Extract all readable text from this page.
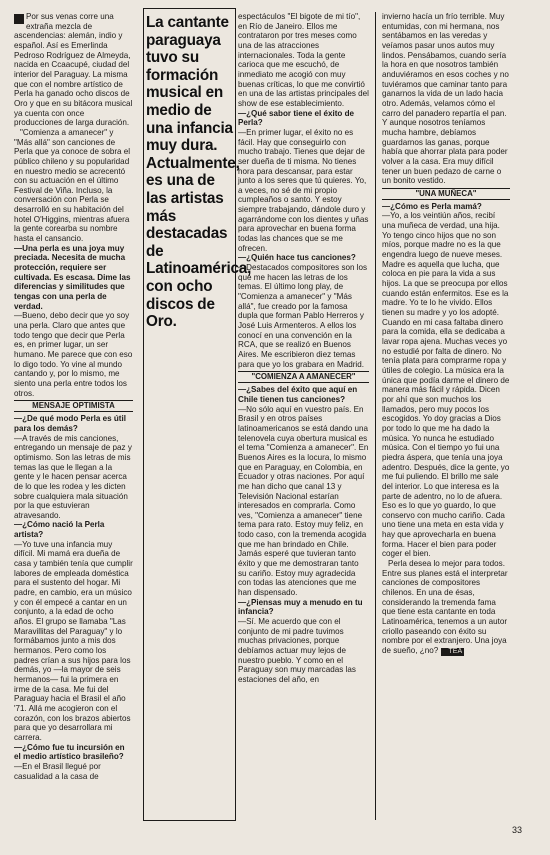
Por sus venas corre una extraña mezcla de ascendencias: alemán, indio y español. Así es Emerlinda Pedroso Rodríguez de Almeyda, nacida en Ccaacupé, ciudad del interior del Paraguay. La misma que con el nombre artístico de Perla ha ganado ocho discos de Oro y que en su bitácora musical ya cuenta con once producciones de larga duración.

"Comienza a amanecer" y "Más allá" son canciones de Perla que ya conoce de sobra el público chileno y su popularidad en nuestro medio se acrecentó con su actuación en el último Festival de Viña. Incluso, la conversación con Perla se desarrolló en su habitación del hotel O'Higgins, mientras afuera la gente corearba su nombre hasta el cansancio.

—Una perla es una joya muy preciada. Necesita de mucha protección, requiere ser cultivada. Es escasa. Dime las diferencias y similitudes que tengas con una perla de verdad.

—Bueno, debo decir que yo soy una perla. Claro que antes que todo tengo que decir que Perla es, en primer lugar, un ser humano. Me parece que con eso lo digo todo. Yo vine al mundo cantando y, por lo mismo, me siento una perla entre todos los otros.

MENSAJE OPTIMISTA

—¿De qué modo Perla es útil para los demás?

—A través de mis canciones, entregando un mensaje de paz y optimismo. Son las letras de mis temas las que le llegan a la gente y le hacen pensar acerca de lo que les rodea y les dicten sobre cualquiera mala situación por la que estuvieran atravesando.

—¿Cómo nació la Perla artista?

—Yo tuve una infancia muy difícil. Mi mamá era dueña de casa y también tenía que cumplir labores de empleada doméstica para el sustento del hogar. Mi padre, en cambio, era un músico y con él empecé a cantar en un conjunto, a la edad de ocho años. El grupo se llamaba "Las Maravillitas del Paraguay" y lo formábamos junto a mis dos hermanos. Pero como los padres crían a sus hijos para los demás, yo —la mayor de seis hermanos— fui la primera en irme de la casa. Me fui del Paraguay hacia el Brasil el año '71. Allá me acogieron con el corazón, con los brazos abiertos para que yo desarrollara mi carrera.

—¿Cómo fue tu incursión en el medio artístico brasileño?

—En el Brasil llegué por casualidad a la casa de

La cantante paraguaya tuvo su formación musical en medio de una infancia muy dura. Actualmente, es una de las artistas más destacadas de Latinoamérica, con ocho discos de Oro.

espectáculos "El bigote de mi tío", en Río de Janeiro. Ellos me contrataron por tres meses como una de las atracciones internacionales. Toda la gente carioca que me escuchó, de inmediato me acogió con muy buenas críticas, lo que me convirtió en una de las artistas principales del show de ese establecimiento.

—¿Qué sabor tiene el éxito de Perla?

—En primer lugar, el éxito no es fácil. Hay que conseguirlo con mucho trabajo. Tienes que dejar de ser dueña de ti misma. No tienes hora para descansar, para estar junto a los seres que tú quieres. Yo, a veces, no sé de mi propio cumpleaños o santo. Y estoy siempre trabajando, dándole duro y agarrándome con los dientes y uñas para aprovechar en buena forma todas las chances que se me ofrecen.

—¿Quién hace tus canciones?

—Destacados compositores son los que me hacen las letras de los temas. El último long play, de "Comienza a amanecer" y "Más allá", fue creado por la famosa dupla que forman Pablo Herreros y José Luis Armenteros. A ellos los conocí en una convención en la RCA, que se realizó en Buenos Aires. Me escribieron diez temas para que yo los grabara en Madrid.

"COMIENZA A AMANECER"

—¿Sabes del éxito que aquí en Chile tienen tus canciones?

—No sólo aquí en vuestro país. En Brasil y en otros países latinoamericanos se está dando una telenovela cuya obertura musical es el tema "Comienza a amanecer". En Buenos Aires es la locura, lo mismo que en Paraguay, en Colombia, en Ecuador y otras naciones. Por aquí me han dicho que canal 13 y Televisión Nacional estarían interesados en comprarla. Como ves, "Comienza a amanecer" tiene tema para rato. Estoy muy feliz, en todo caso, con la tremenda acogida que me han brindado en Chile. Jamás esperé que tuvieran tanto éxito y que me demostraran tanto su cariño. Estoy muy agradecida con todas las atenciones que me han dispensado.

—¿Piensas muy a menudo en tu infancia?

—Sí. Me acuerdo que con el conjunto de mi padre tuvimos muchas privaciones, porque debíamos actuar muy lejos de nuestro pueblo. Y como en el Paraguay son muy marcadas las estaciones del año, en

invierno hacía un frío terrible. Muy entumidas, con mi hermana, nos sentábamos en las veredas y veíamos pasar unos autos muy lindos. Pensábamos, cuando sería la hora en que nosotros también anduviéramos en esos coches y no tuviéramos que caminar tanto para ganarnos la vida de un lado hacia otro. Además, velamos cómo el carro del panadero repartía el pan. Y aunque nosotros teníamos mucha hambre, debíamos guardarnos las ganas, porque había que ahorrar plata para poder volver a la casa. Era muy difícil tener un buen pedazo de carne o un bonito vestido.

"UNA MUÑECA"

—¿Cómo es Perla mamá?

—Yo, a los veintiún años, recibí una muñeca de verdad, una hija. Yo tengo cinco hijos que no son míos, porque madre no es la que engendra luego de nueve meses. Madre es aquella que lucha, que coloca en pie para la vida a sus hijos. La que se preocupa por ellos cuando están enfermitos. Ese es la madre. Yo te lo he vivido. Ellos tienen su madre y yo los adopté. Cuando en mi casa faltaba dinero para la comida, ella se dedicaba a lavar ropa ajena. Muchas veces yo no estudié por falta de dinero. No tenía plata para comprarme ropa y útiles de colegio. La música era la única que podía darme el dinero de manera más fácil y rápida. Dicen por ahí que son muchos los llamados, pero muy pocos los escogidos. Yo doy gracias a Dios por todo lo que me ha dado la música. Yo nunca he estudiado música. Con el tiempo yo fui una piedra áspera, que tenía una joya adentro. Después, dice la gente, yo me fui puliendo. El brillo me sale del interior. Lo que interesa es la parte de adentro, no lo de afuera. Eso es lo que yo guardo, lo que conservo con mucho cariño. Cada uno tiene una meta en esta vida y hay que aprovecharla en buena forma. Hacer el bien para poder coger el bien.

Perla desea lo mejor para todos. Entre sus planes está el interpretar canciones de compositores chilenos. En una de ésas, considerando la tremenda fama que tiene esta cantante en toda Latinoamérica, tenemos a un autor criollo paseando con éxito su nombre por el extranjero. Una joya de sueño, ¿no? TEA

33
